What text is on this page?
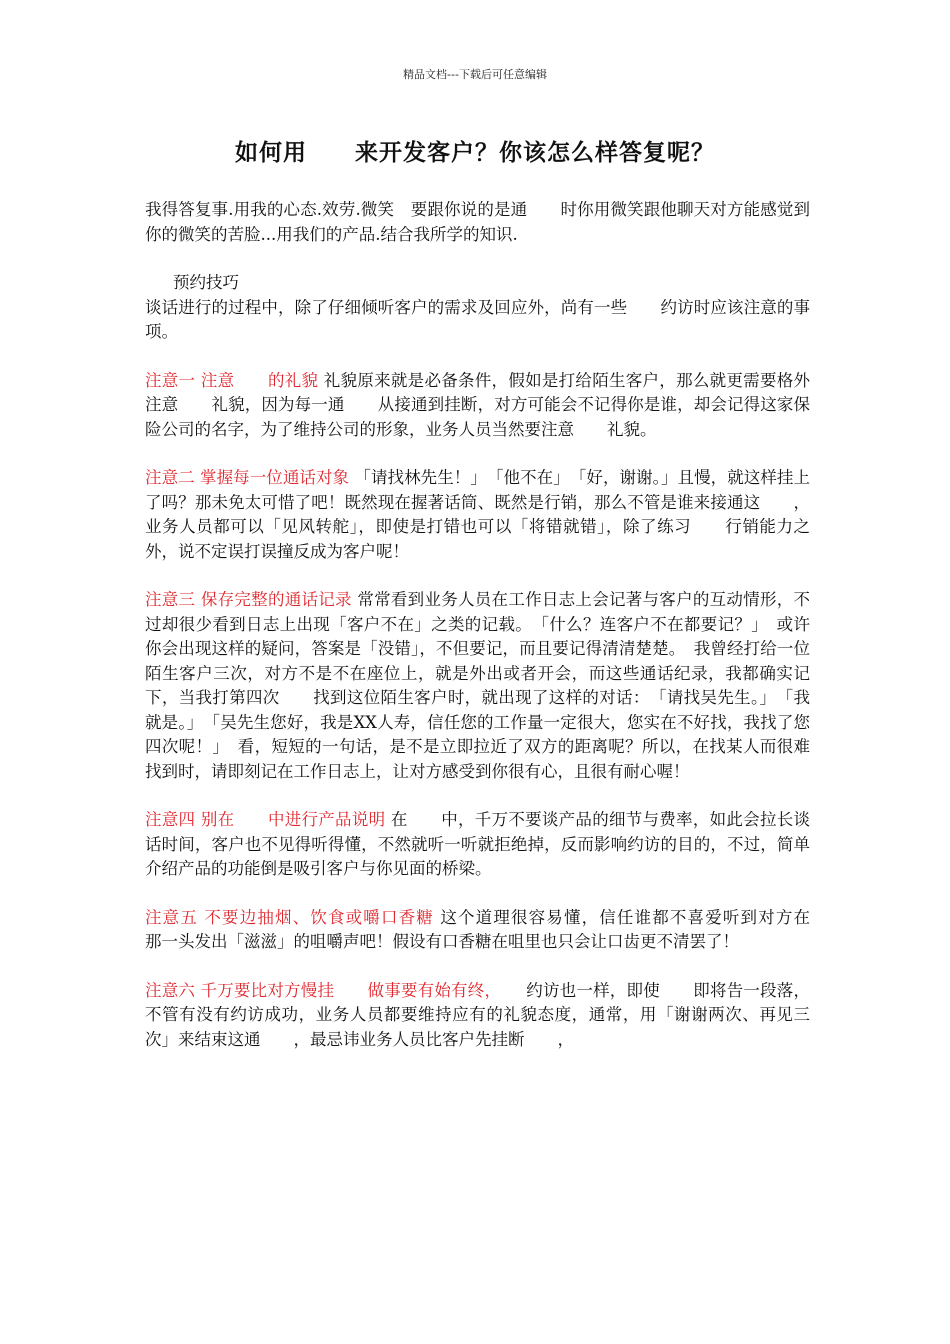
精品文档---下载后可任意编辑
如何用　　来开发客户？你该怎么样答复呢？

我得答复事.用我的心态.效劳.微笑　要跟你说的是通　　时你用微笑跟他聊天对方能感觉到你的微笑的苦脸...用我们的产品.结合我所学的知识.

预约技巧

谈话进行的过程中，除了仔细倾听客户的需求及回应外，尚有一些　　约访时应该注意的事项。

注意一 注意　　的礼貌 礼貌原来就是必备条件，假如是打给陌生客户，那么就更需要格外注意　　礼貌，因为每一通　　从接通到挂断，对方可能会不记得你是谁，却会记得这家保险公司的名字，为了维持公司的形象，业务人员当然要注意　　礼貌。

注意二 掌握每一位通话对象 「请找林先生！」　「他不在」　「好，谢谢。」且慢，就这样挂上　　了吗？那未免太可惜了吧！既然现在握著话筒、既然是行销，那么不管是谁来接通这　　，业务人员都可以「见风转舵」，即使是打错也可以「将错就错」，除了练习　　行销能力之外，说不定误打误撞反成为客户呢！

注意三 保存完整的通话记录 常常看到业务人员在工作日志上会记著与客户的互动情形，不过却很少看到日志上出现「客户不在」之类的记载。　「什么？连客户不在都要记？」　或许你会出现这样的疑问，答案是「没错」，不但要记，而且要记得清清楚楚。　我曾经打给一位陌生客户三次，对方不是不在座位上，就是外出或者开会，而这些通话纪录，我都确实记下，当我打第四次　　找到这位陌生客户时，就出现了这样的对话：　「请找吴先生。」　「我就是。」　「吴先生您好，我是XX人寿，信任您的工作量一定很大，您实在不好找，我找了您四次呢！」　看，短短的一句话，是不是立即拉近了双方的距离呢？所以，在找某人而很难找到时，请即刻记在工作日志上，让对方感受到你很有心，且很有耐心喔！

注意四 别在　　中进行产品说明 在　　中，千万不要谈产品的细节与费率，如此会拉长谈话时间，客户也不见得听得懂，不然就听一听就拒绝掉，反而影响约访的目的，不过，简单介绍产品的功能倒是吸引客户与你见面的桥梁。

注意五 不要边抽烟、饮食或嚼口香糖 这个道理很容易懂，信任谁都不喜爱听到对方在　　那一头发出「滋滋」的咀嚼声吧！假设有口香糖在咀里也只会让口齿更不清罢了！

注意六 千万要比对方慢挂　　做事要有始有终，　　约访也一样，即使　　即将告一段落，不管有没有约访成功，业务人员都要维持应有的礼貌态度，通常，用「谢谢两次、再见三次」来结束这通　　，最忌讳业务人员比客户先挂断　　，
